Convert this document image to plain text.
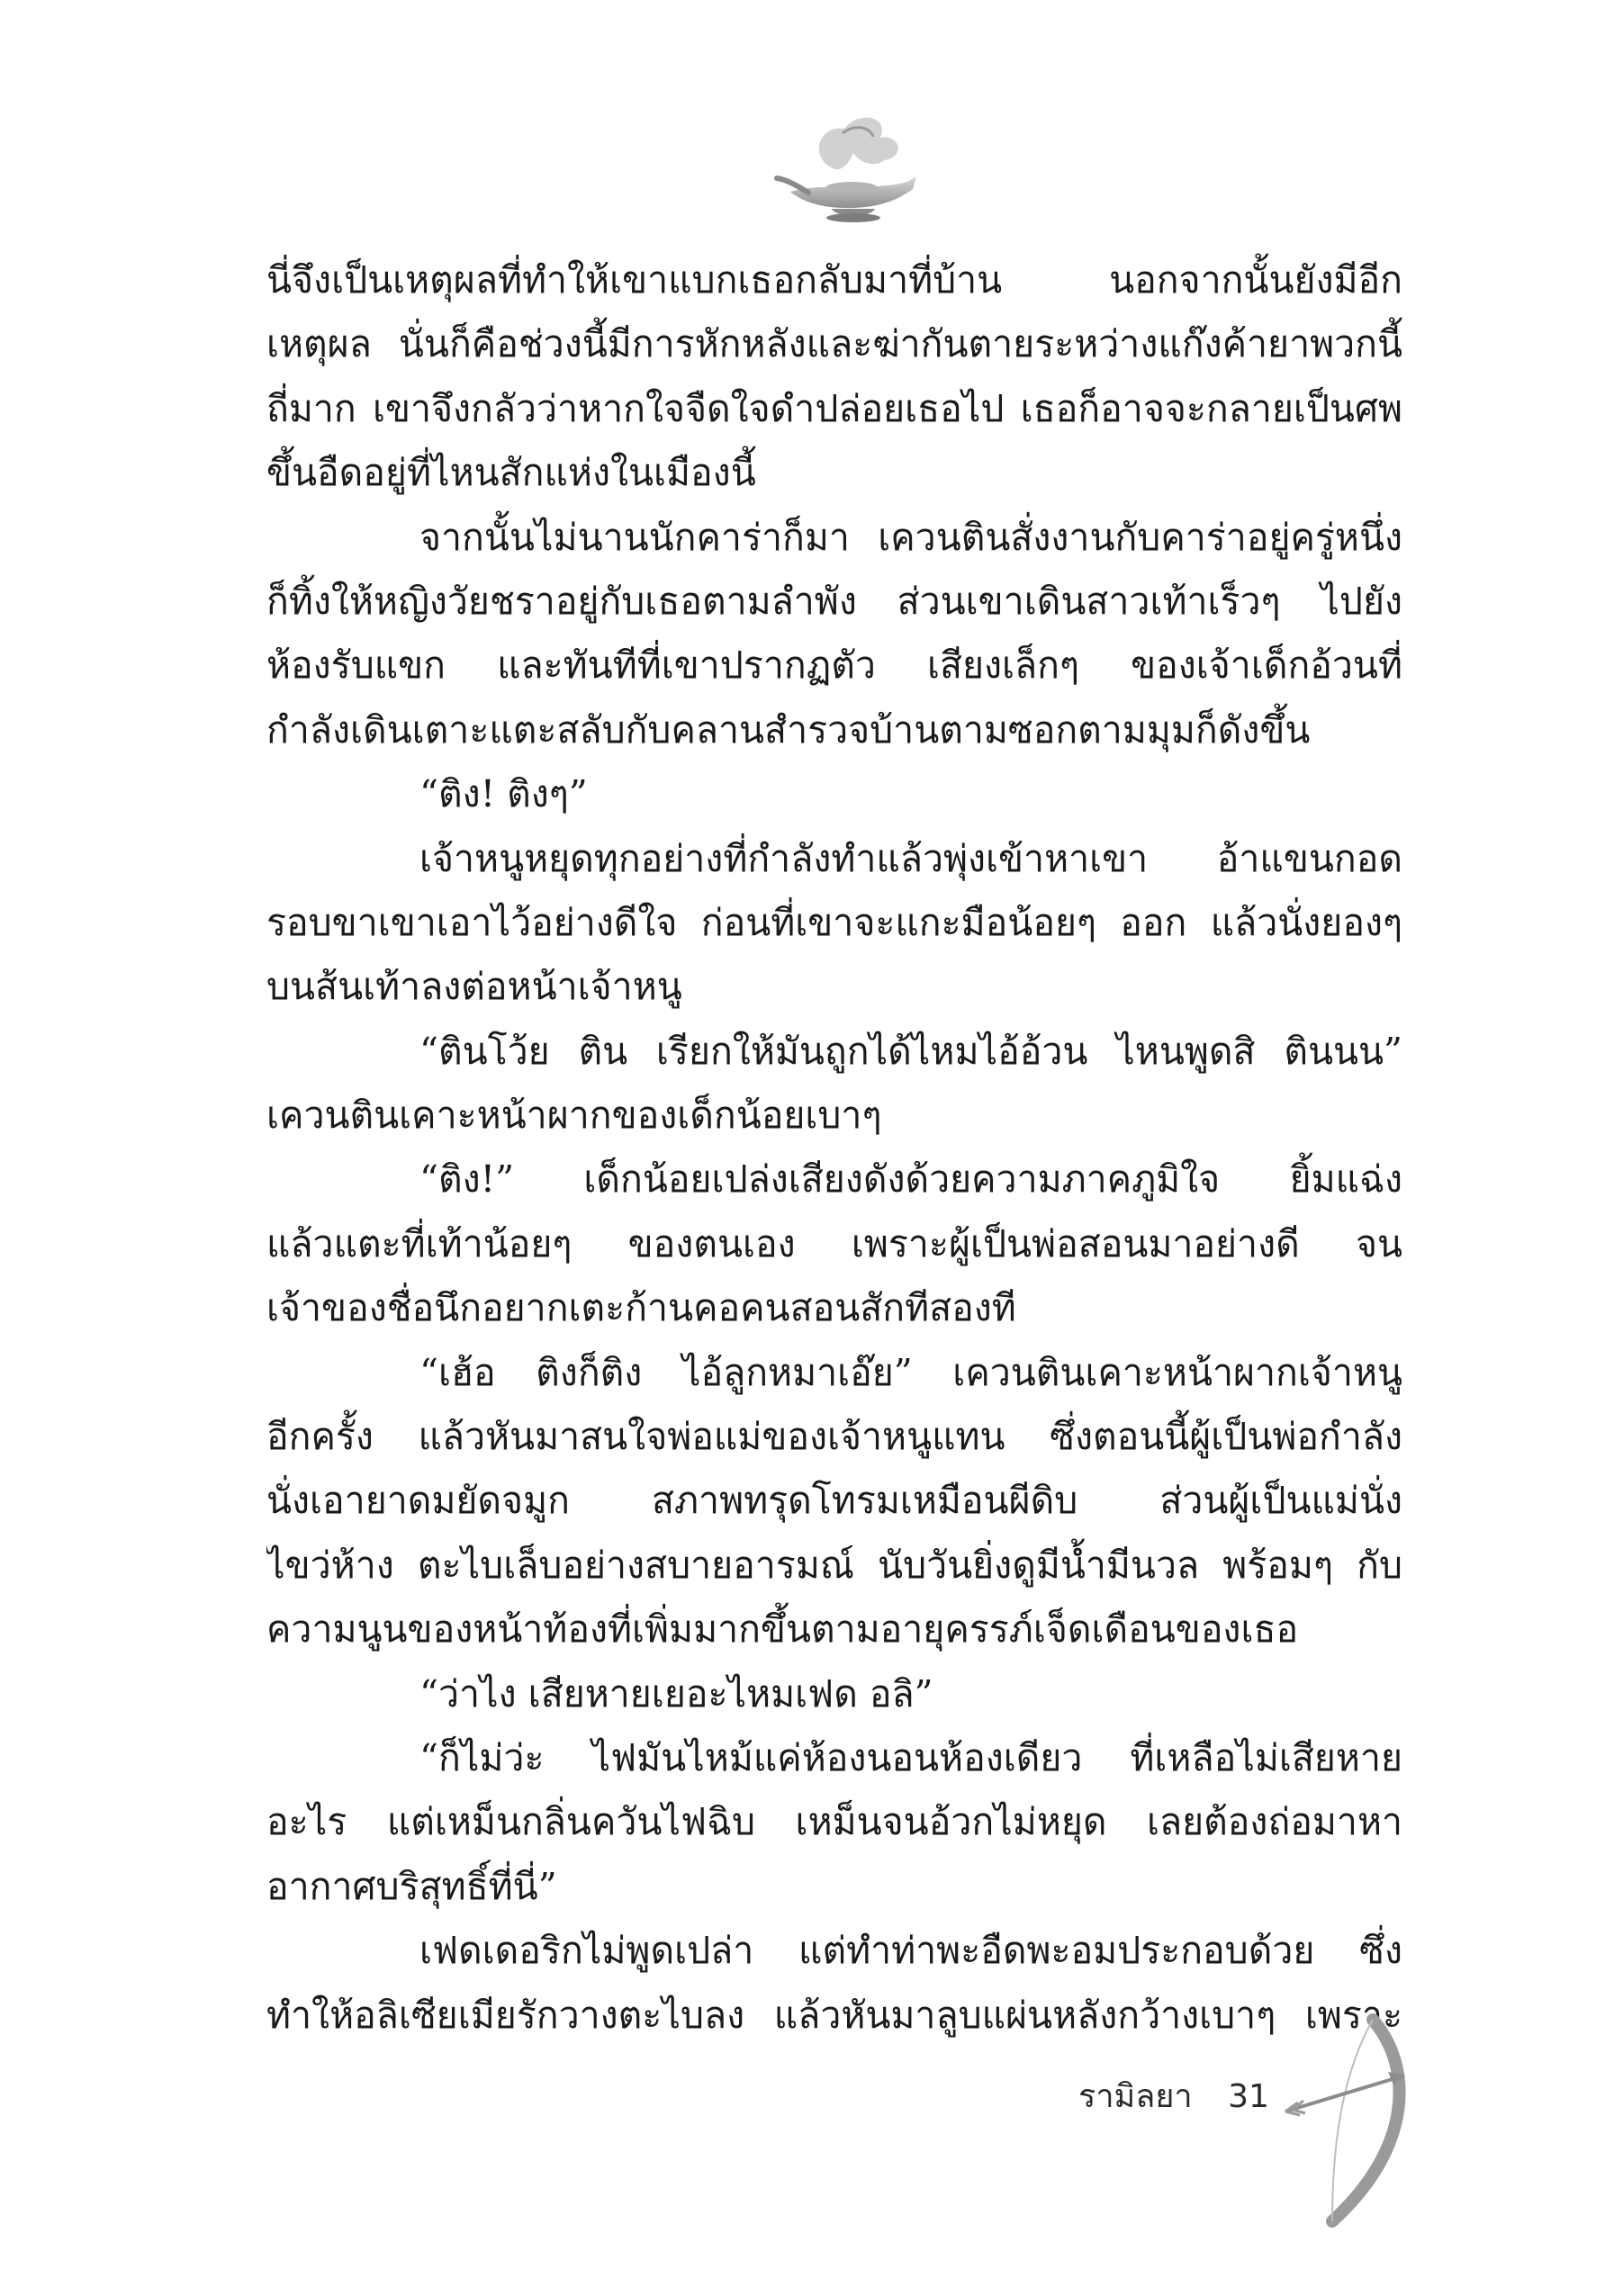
นี่จึงเป็นเหตุผลที่ทำให้เขาแบกเธอกลับมาที่บ้าน นอกจากนั้นยังมีอีก
เหตุผล นั่นก็คือช่วงนี้มีการหักหลังและฆ่ากันตายระหว่างแก๊งค้ายาพวกนี้
ถี่มาก เขาจึงกลัวว่าหากใจจืดใจดำปล่อยเธอไป เธอก็อาจจะกลายเป็นศพ
ขึ้นอืดอยู่ที่ไหนสักแห่งในเมืองนี้
จากนั้นไม่นานนักคาร่าก็มา เควนตินสั่งงานกับคาร่าอยู่ครู่หนึ่ง
ก็ทิ้งให้หญิงวัยชราอยู่กับเธอตามลำพัง ส่วนเขาเดินสาวเท้าเร็วๆ ไปยัง
ห้องรับแขก และทันทีที่เขาปรากฏตัว เสียงเล็กๆ ของเจ้าเด็กอ้วนที่
กำลังเดินเตาะแตะสลับกับคลานสำรวจบ้านตามซอกตามมุมก็ดังขึ้น
“ติง! ติงๆ”
เจ้าหนูหยุดทุกอย่างที่กำลังทำแล้วพุ่งเข้าหาเขา อ้าแขนกอด
รอบขาเขาเอาไว้อย่างดีใจ ก่อนที่เขาจะแกะมือน้อยๆ ออก แล้วนั่งยองๆ
บนส้นเท้าลงต่อหน้าเจ้าหนู
“ตินโว้ย ติน เรียกให้มันถูกได้ไหมไอ้อ้วน ไหนพูดสิ ตินนน”
เควนตินเคาะหน้าผากของเด็กน้อยเบาๆ
“ติง!” เด็กน้อยเปล่งเสียงดังด้วยความภาคภูมิใจ ยิ้มแฉ่ง
แล้วแตะที่เท้าน้อยๆ ของตนเอง เพราะผู้เป็นพ่อสอนมาอย่างดี จน
เจ้าของชื่อนึกอยากเตะก้านคอคนสอนสักทีสองที
“เฮ้อ ติงก็ติง ไอ้ลูกหมาเอ๊ย” เควนตินเคาะหน้าผากเจ้าหนู
อีกครั้ง แล้วหันมาสนใจพ่อแม่ของเจ้าหนูแทน ซึ่งตอนนี้ผู้เป็นพ่อกำลัง
นั่งเอายาดมยัดจมูก สภาพทรุดโทรมเหมือนผีดิบ ส่วนผู้เป็นแม่นั่ง
ไขว่ห้าง ตะไบเล็บอย่างสบายอารมณ์ นับวันยิ่งดูมีน้ำมีนวล พร้อมๆ กับ
ความนูนของหน้าท้องที่เพิ่มมากขึ้นตามอายุครรภ์เจ็ดเดือนของเธอ
“ว่าไง เสียหายเยอะไหมเฟด อลิ”
“ก็ไม่ว่ะ ไฟมันไหม้แค่ห้องนอนห้องเดียว ที่เหลือไม่เสียหาย
อะไร แต่เหม็นกลิ่นควันไฟฉิบ เหม็นจนอ้วกไม่หยุด เลยต้องถ่อมาหา
อากาศบริสุทธิ์ที่นี่”
เฟดเดอริกไม่พูดเปล่า แต่ทำท่าพะอืดพะอมประกอบด้วย ซึ่ง
ทำให้อลิเซียเมียรักวางตะไบลง แล้วหันมาลูบแผ่นหลังกว้างเบาๆ เพราะ
รามิลยา 31
